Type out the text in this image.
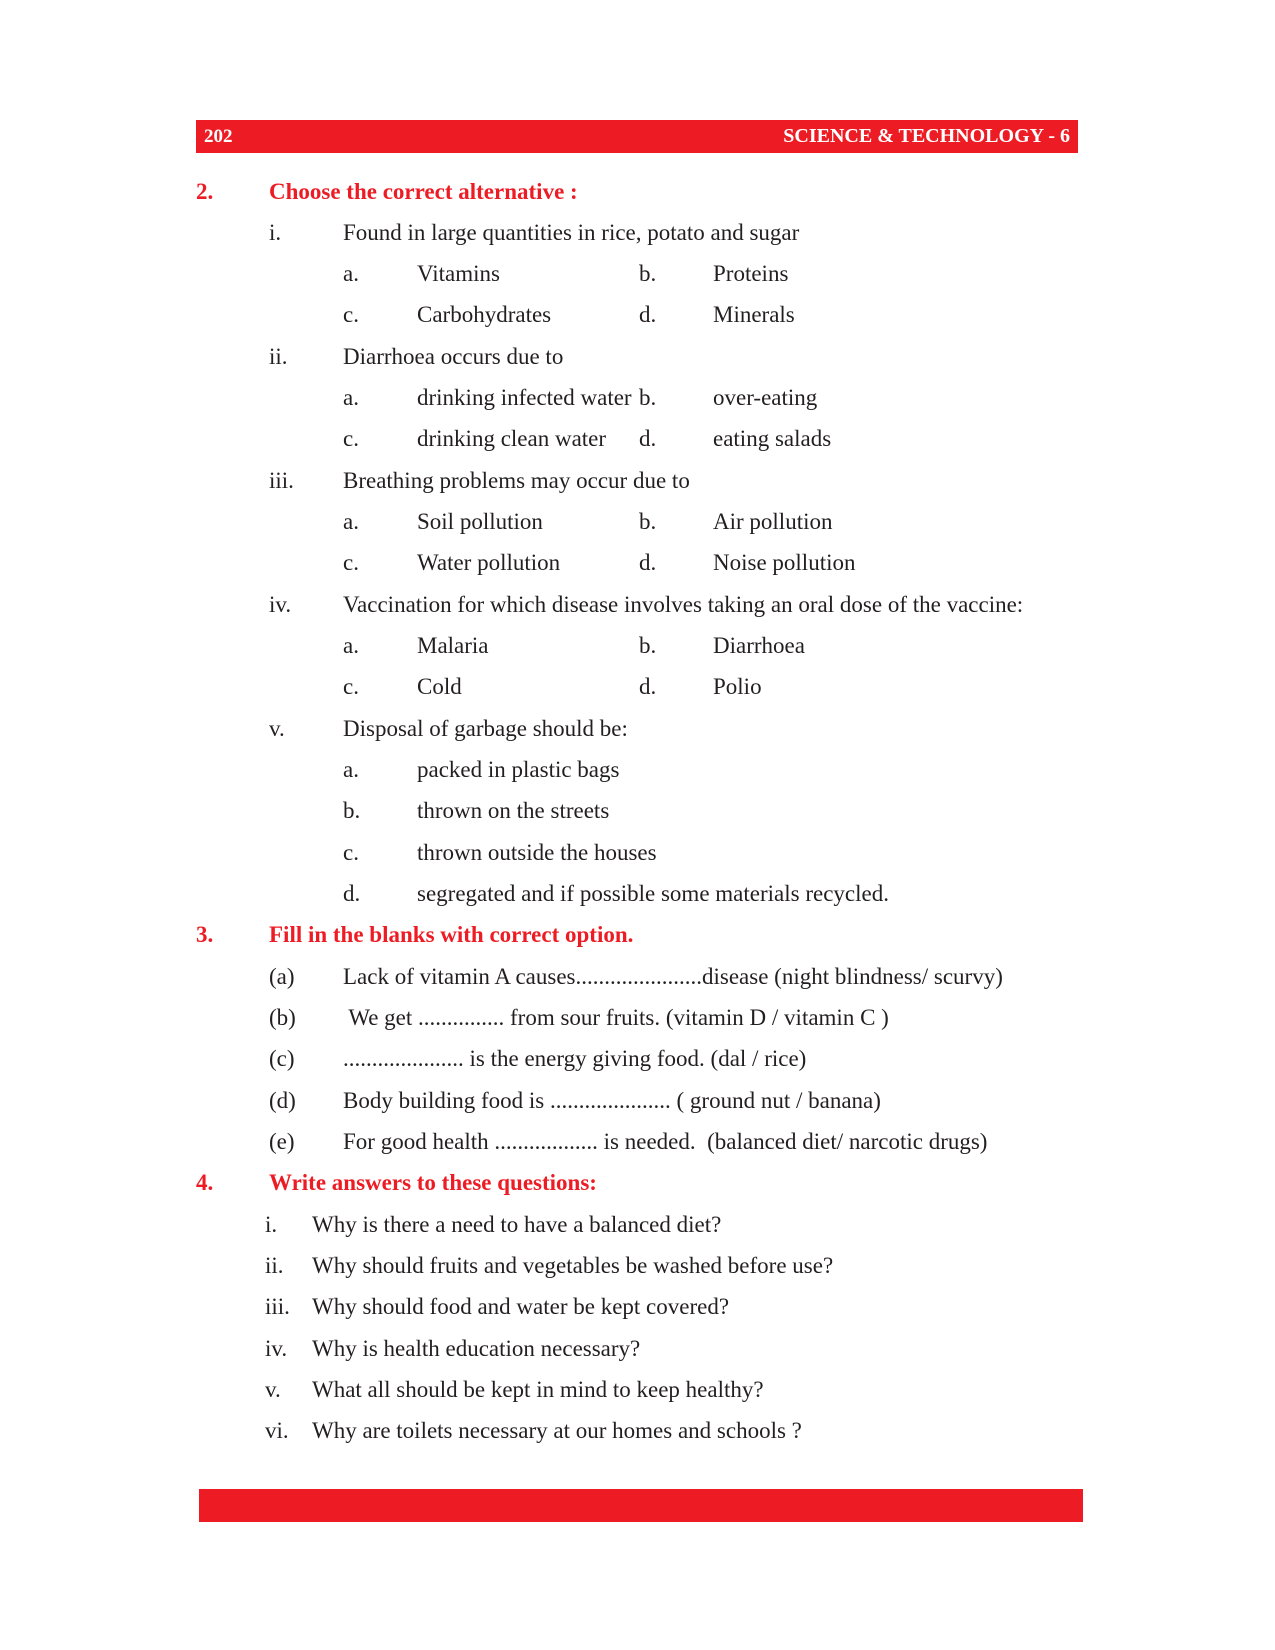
202	SCIENCE & TECHNOLOGY - 6
2. Choose the correct alternative :
i.	Found in large quantities in rice, potato and sugar
a.	Vitamins	b. Proteins
c.	Carbohydrates	d. Minerals
ii. Diarrhoea occurs due to
a.	drinking infected water b. over-eating
c.	drinking clean water d. eating salads
iii. Breathing problems may occur due to
a.	Soil pollution	b. Air pollution
c.	Water pollution	d. Noise pollution
iv. Vaccination for which disease involves taking an oral dose of the vaccine:
a.	Malaria	b. Diarrhoea
c.	Cold	d. Polio
v.	Disposal of garbage should be:
a.	packed in plastic bags
b. thrown on the streets
c.	thrown outside the houses
d. segregated and if possible some materials recycled.
3. Fill in the blanks with correct option.
(a) Lack of vitamin A causes......................disease (night blindness/ scurvy)
(b) We get ............... from sour fruits. (vitamin D / vitamin C )
(c) ..................... is the energy giving food. (dal / rice)
(d) Body building food is ..................... ( ground nut / banana)
(e) For good health .................. is needed.  (balanced diet/ narcotic drugs)
4. Write answers to these questions:
i. Why is there a need to have a balanced diet?
ii. Why should fruits and vegetables be washed before use?
iii. Why should food and water be kept covered?
iv. Why is health education necessary?
v. What all should be kept in mind to keep healthy?
vi. Why are toilets necessary at our homes and schools ?
